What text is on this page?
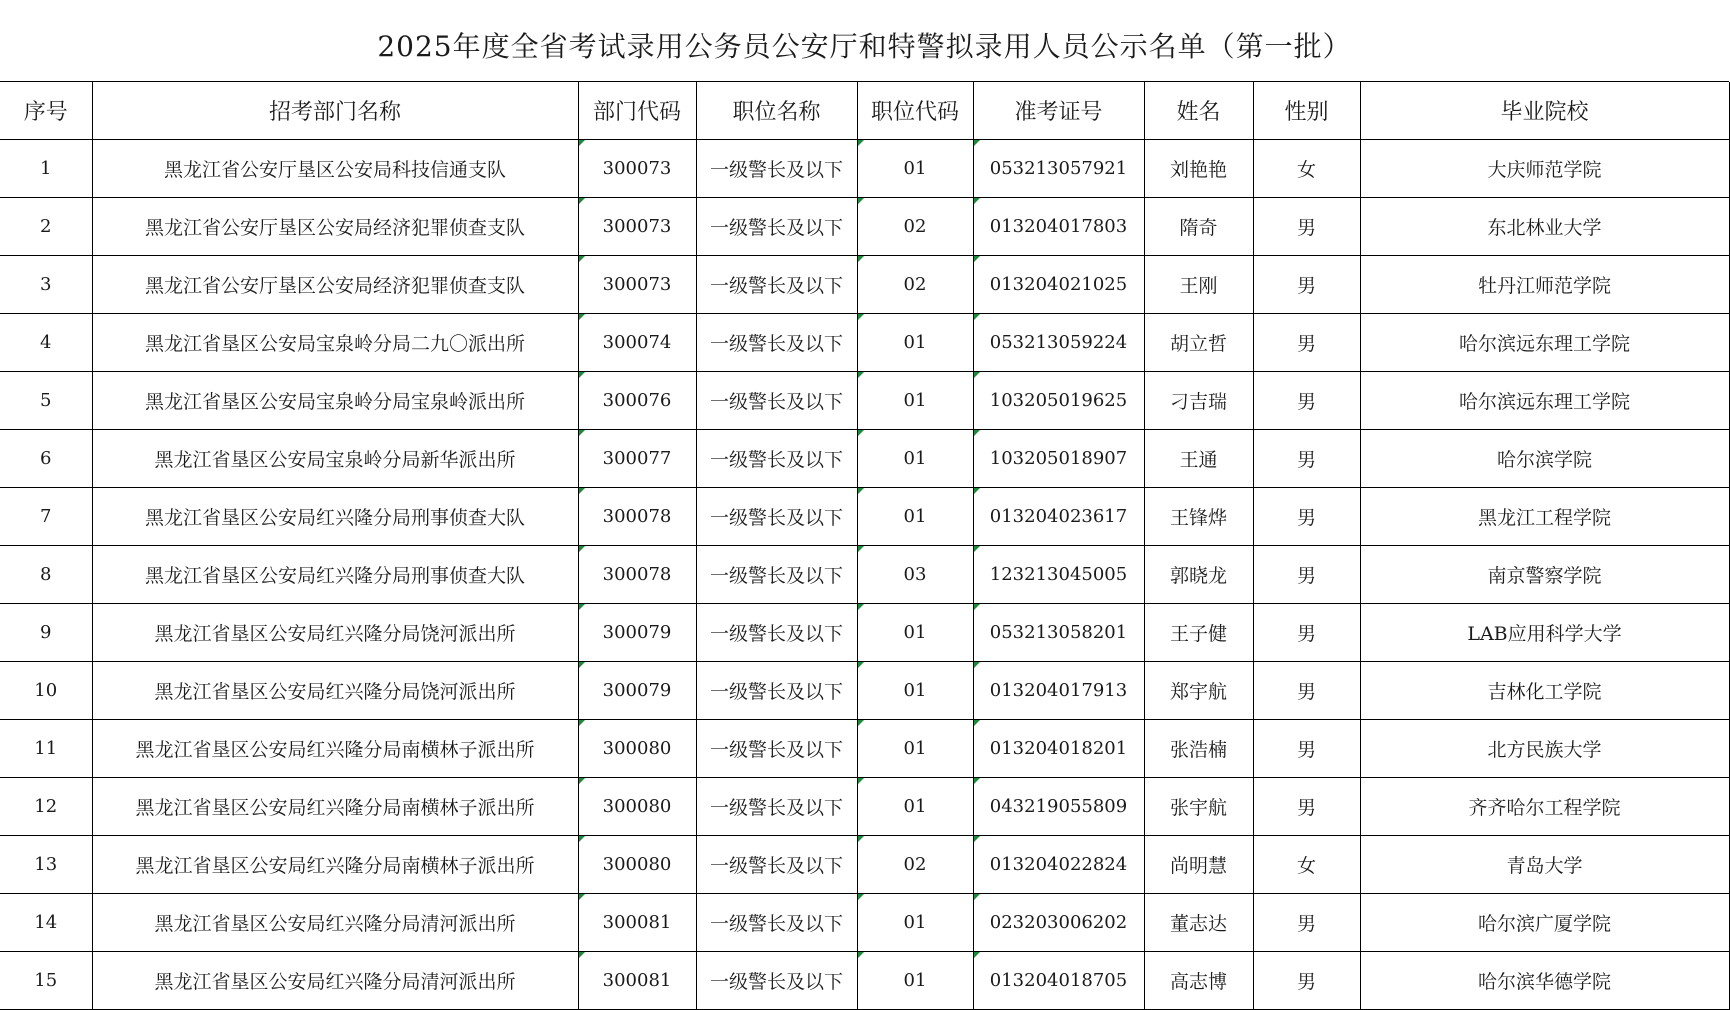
2025年度全省考试录用公务员公安厅和特警拟录用人员公示名单（第一批）
序号	招考部门名称	部门代码	职位名称	职位代码	准考证号	姓名	性别	毕业院校
1	黑龙江省公安厅垦区公安局科技信通支队	300073	一级警长及以下	01	053213057921	刘艳艳	女	大庆师范学院
2	黑龙江省公安厅垦区公安局经济犯罪侦查支队	300073	一级警长及以下	02	013204017803	隋奇	男	东北林业大学
3	黑龙江省公安厅垦区公安局经济犯罪侦查支队	300073	一级警长及以下	02	013204021025	王刚	男	牡丹江师范学院
4	黑龙江省垦区公安局宝泉岭分局二九〇派出所	300074	一级警长及以下	01	053213059224	胡立哲	男	哈尔滨远东理工学院
5	黑龙江省垦区公安局宝泉岭分局宝泉岭派出所	300076	一级警长及以下	01	103205019625	刁吉瑞	男	哈尔滨远东理工学院
6	黑龙江省垦区公安局宝泉岭分局新华派出所	300077	一级警长及以下	01	103205018907	王通	男	哈尔滨学院
7	黑龙江省垦区公安局红兴隆分局刑事侦查大队	300078	一级警长及以下	01	013204023617	王锋烨	男	黑龙江工程学院
8	黑龙江省垦区公安局红兴隆分局刑事侦查大队	300078	一级警长及以下	03	123213045005	郭晓龙	男	南京警察学院
9	黑龙江省垦区公安局红兴隆分局饶河派出所	300079	一级警长及以下	01	053213058201	王子健	男	LAB应用科学大学
10	黑龙江省垦区公安局红兴隆分局饶河派出所	300079	一级警长及以下	01	013204017913	郑宇航	男	吉林化工学院
11	黑龙江省垦区公安局红兴隆分局南横林子派出所	300080	一级警长及以下	01	013204018201	张浩楠	男	北方民族大学
12	黑龙江省垦区公安局红兴隆分局南横林子派出所	300080	一级警长及以下	01	043219055809	张宇航	男	齐齐哈尔工程学院
13	黑龙江省垦区公安局红兴隆分局南横林子派出所	300080	一级警长及以下	02	013204022824	尚明慧	女	青岛大学
14	黑龙江省垦区公安局红兴隆分局清河派出所	300081	一级警长及以下	01	023203006202	董志达	男	哈尔滨广厦学院
15	黑龙江省垦区公安局红兴隆分局清河派出所	300081	一级警长及以下	01	013204018705	高志博	男	哈尔滨华德学院
